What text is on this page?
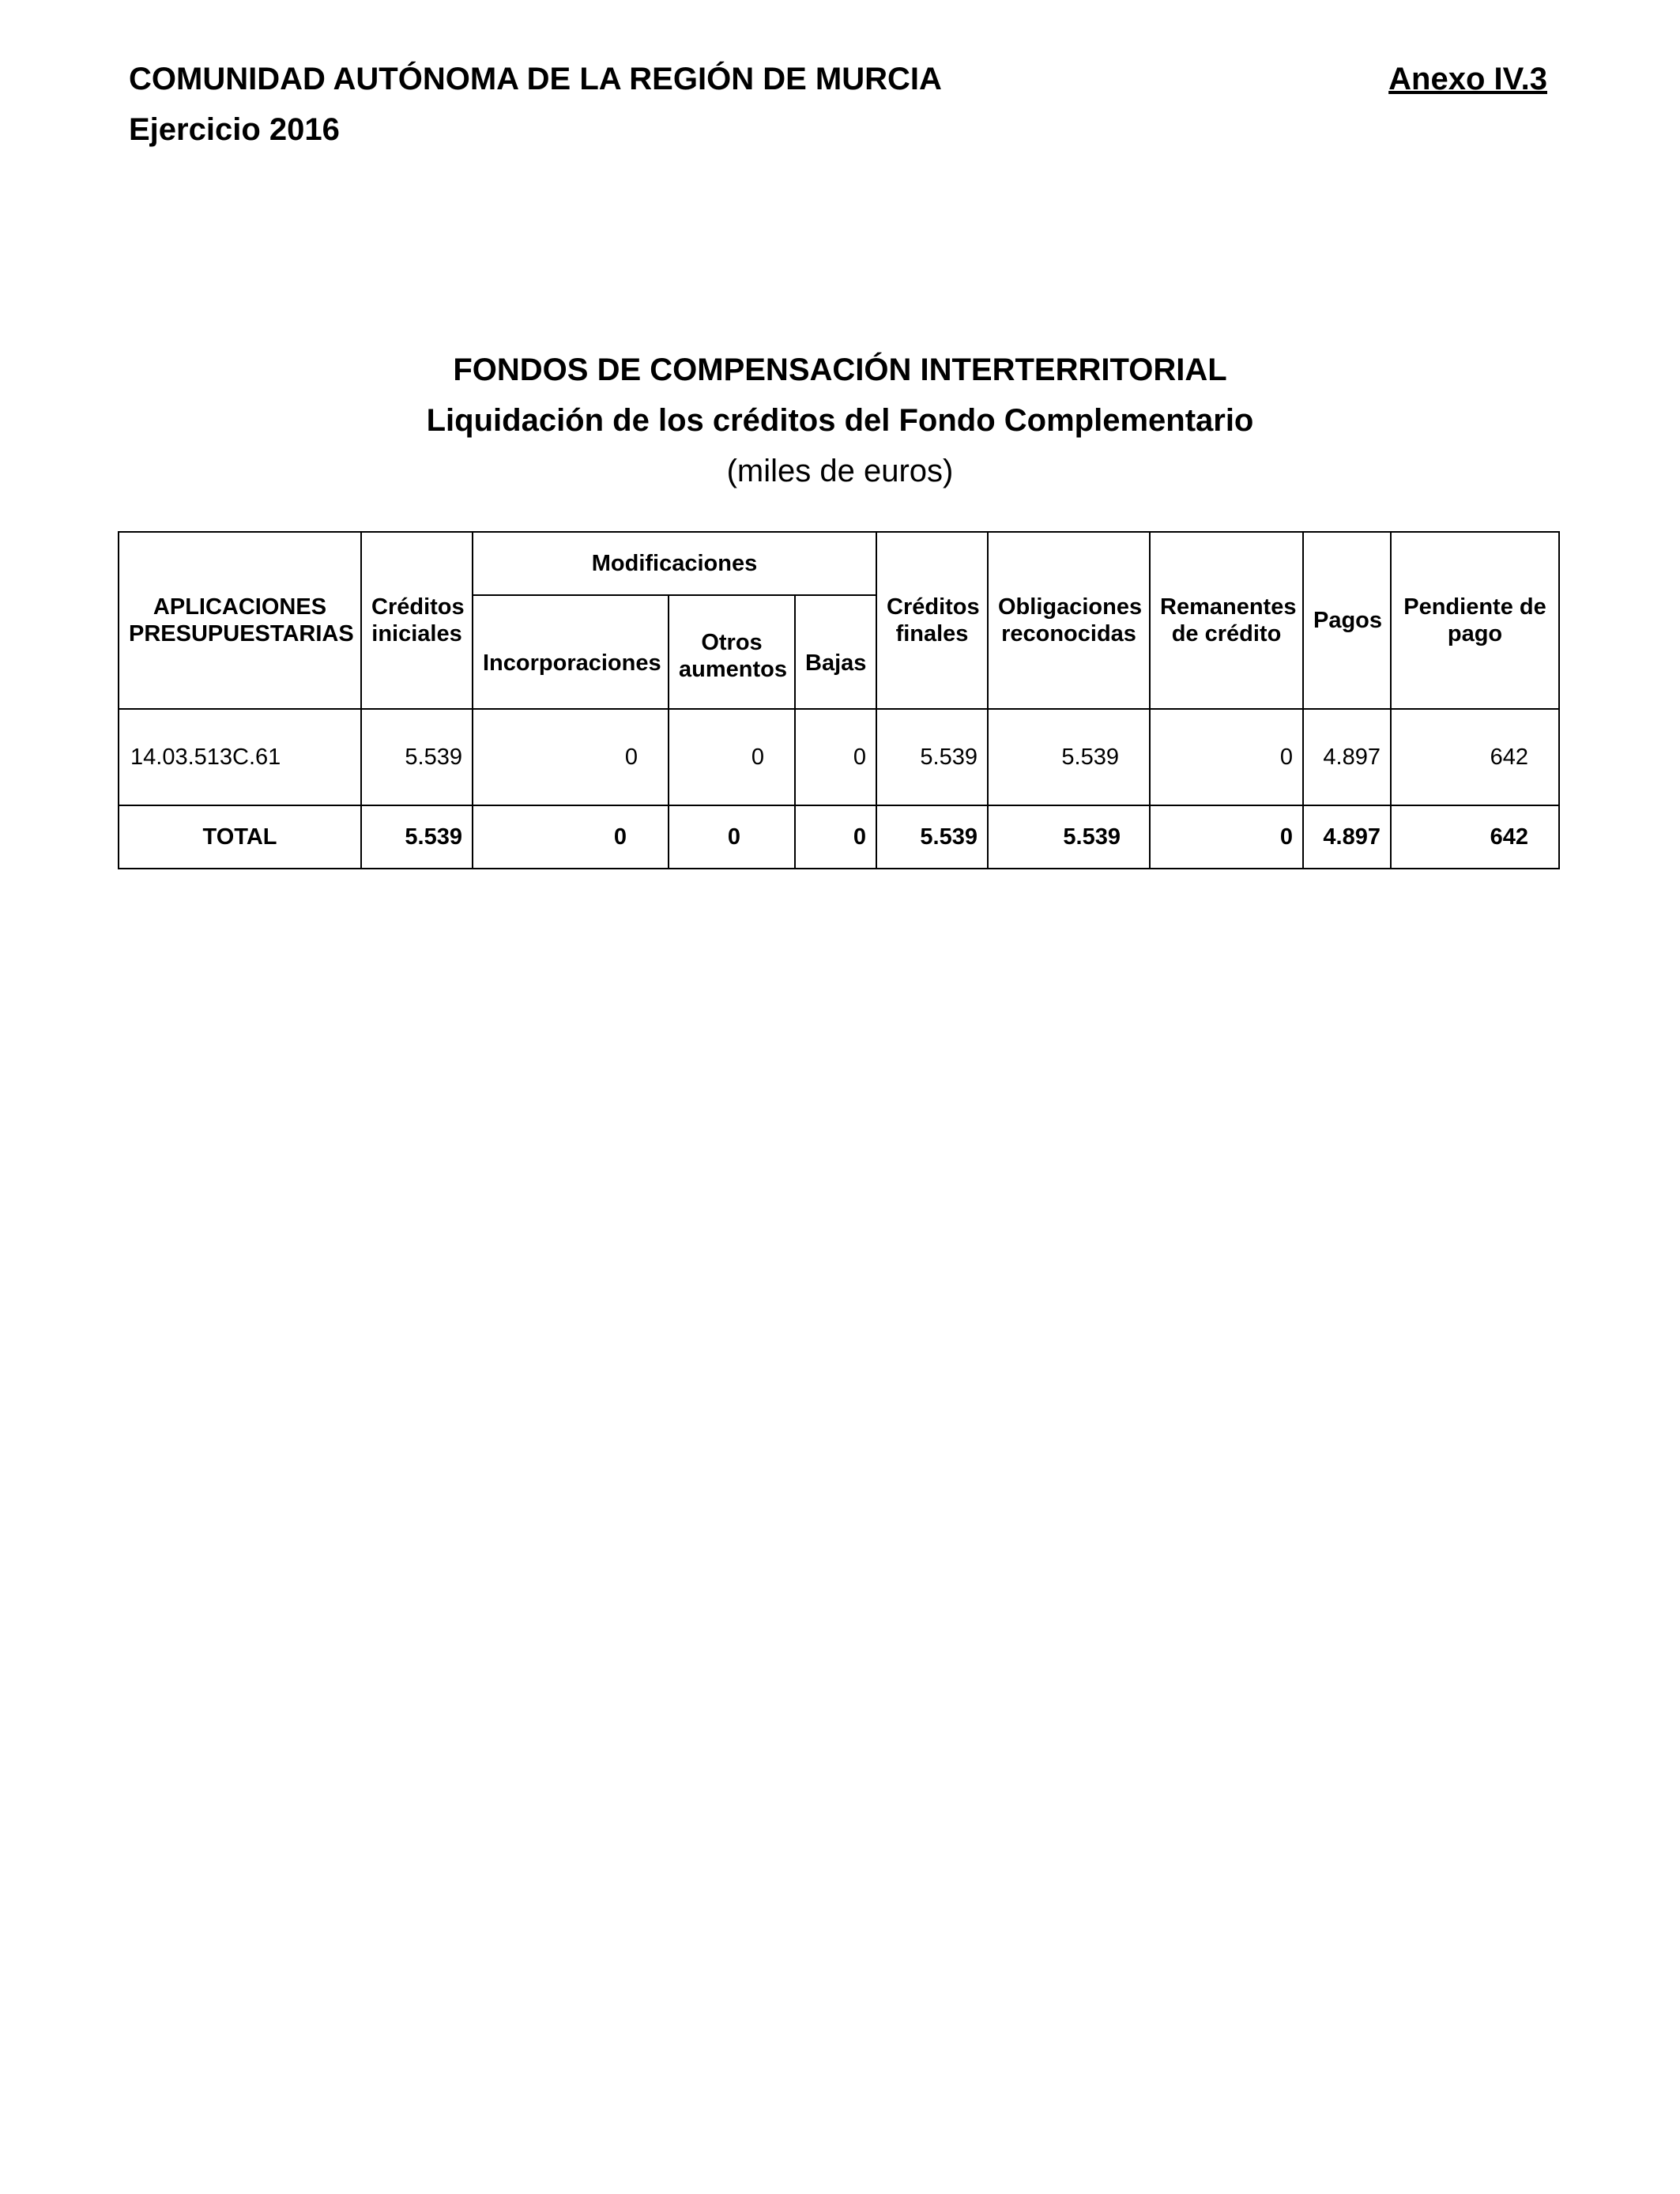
COMUNIDAD AUTÓNOMA DE LA REGIÓN DE MURCIA
Ejercicio 2016
Anexo IV.3
FONDOS DE COMPENSACIÓN INTERTERRITORIAL
Liquidación de los créditos del Fondo Complementario
(miles de euros)
APLICACIONES PRESUPUESTARIAS	Créditos iniciales	Modificaciones			Créditos finales	Obligaciones reconocidas	Remanentes de crédito	Pagos	Pendiente de pago
		Incorporaciones	Otros aumentos	Bajas					
14.03.513C.61	5.539	0	0	0	5.539	5.539	0	4.897	642
TOTAL	5.539	0	0	0	5.539	5.539	0	4.897	642
